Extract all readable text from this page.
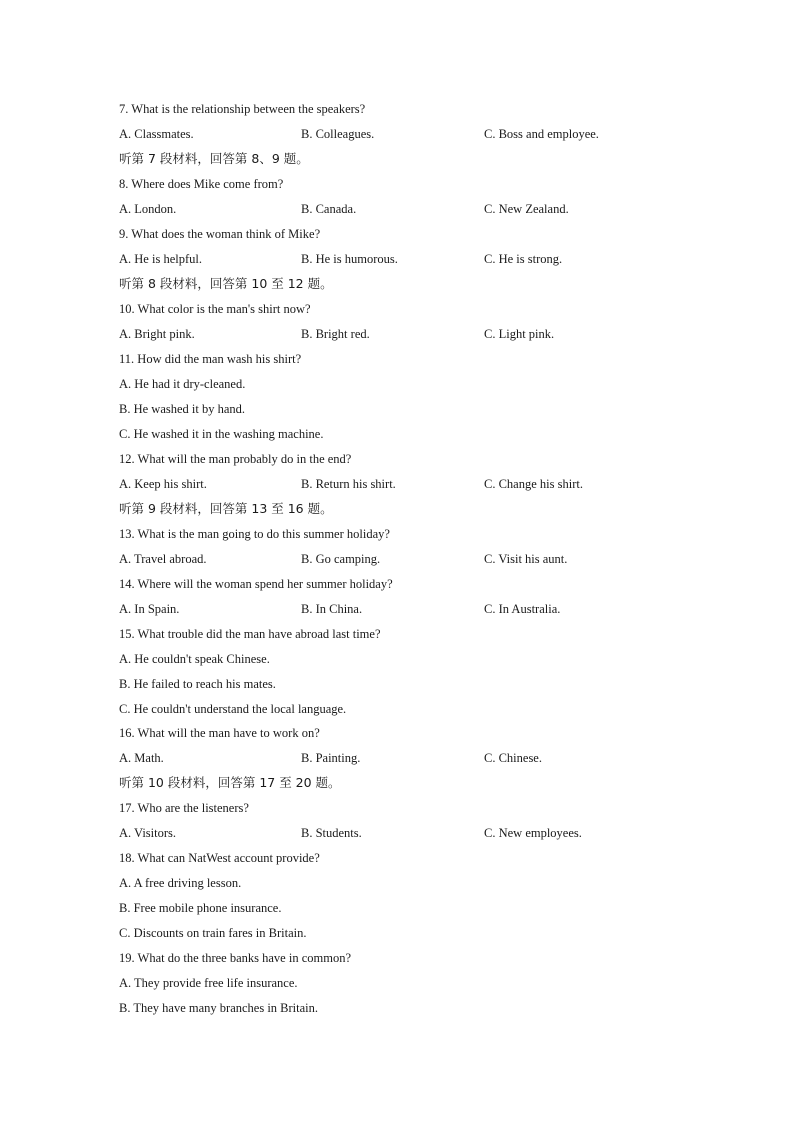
7. What is the relationship between the speakers?
A. Classmates.	B. Colleagues.	C. Boss and employee.
听第 7 段材料，回答第 8、9 题。
8. Where does Mike come from?
A. London.	B. Canada.	C. New Zealand.
9. What does the woman think of Mike?
A. He is helpful.	B. He is humorous.	C. He is strong.
听第 8 段材料，回答第 10 至 12 题。
10. What color is the man's shirt now?
A. Bright pink.	B. Bright red.	C. Light pink.
11. How did the man wash his shirt?
A. He had it dry-cleaned.
B. He washed it by hand.
C. He washed it in the washing machine.
12. What will the man probably do in the end?
A. Keep his shirt.	B. Return his shirt.	C. Change his shirt.
听第 9 段材料，回答第 13 至 16 题。
13. What is the man going to do this summer holiday?
A. Travel abroad.	B. Go camping.	C. Visit his aunt.
14. Where will the woman spend her summer holiday?
A. In Spain.	B. In China.	C. In Australia.
15. What trouble did the man have abroad last time?
A. He couldn't speak Chinese.
B. He failed to reach his mates.
C. He couldn't understand the local language.
16. What will the man have to work on?
A. Math.	B. Painting.	C. Chinese.
听第 10 段材料，回答第 17 至 20 题。
17. Who are the listeners?
A. Visitors.	B. Students.	C. New employees.
18. What can NatWest account provide?
A. A free driving lesson.
B. Free mobile phone insurance.
C. Discounts on train fares in Britain.
19. What do the three banks have in common?
A. They provide free life insurance.
B. They have many branches in Britain.
